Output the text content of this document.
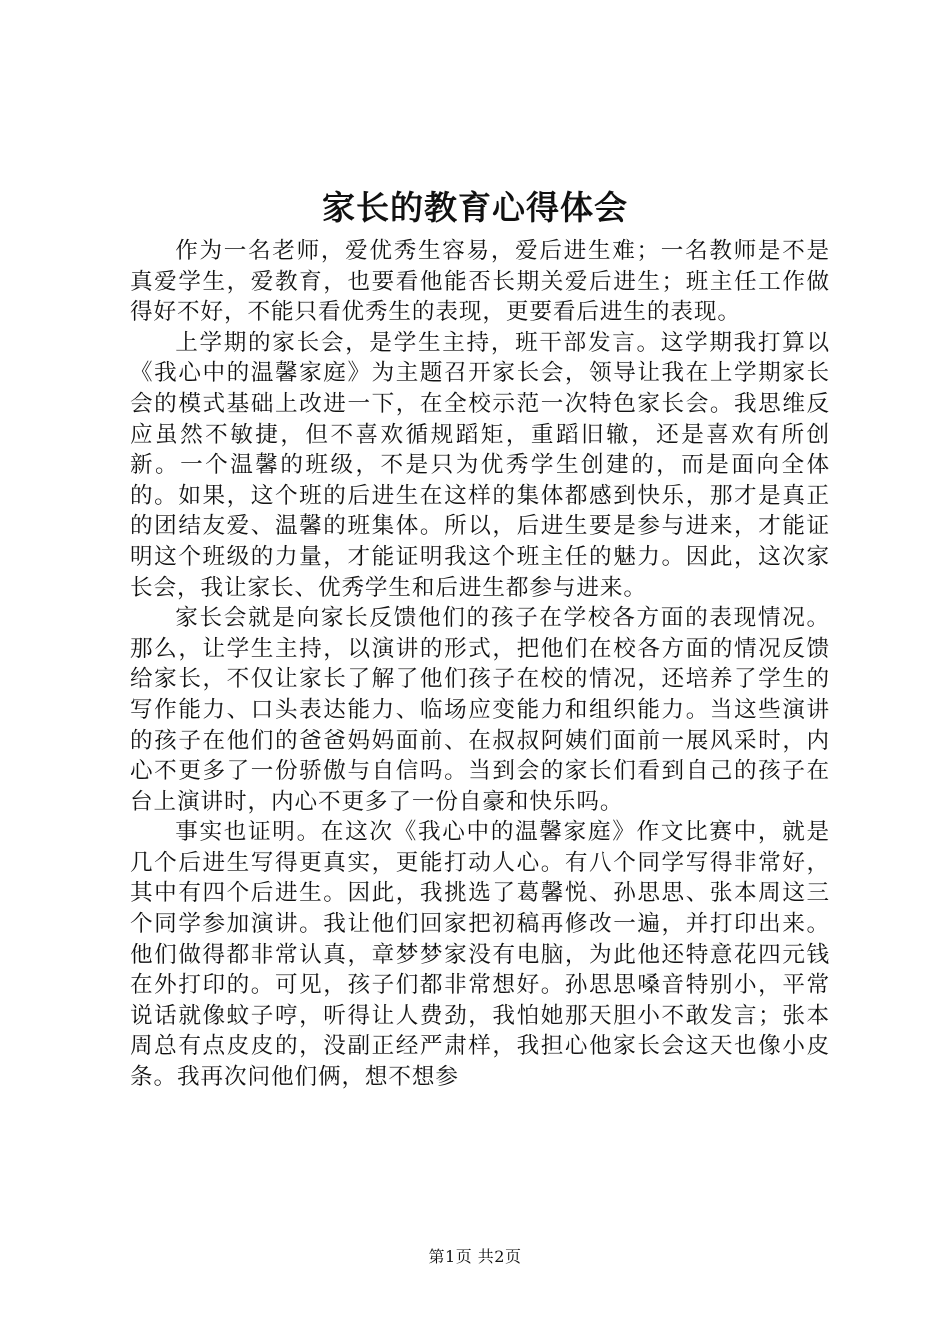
家长的教育心得体会

作为一名老师，爱优秀生容易，爱后进生难；一名教师是不是真爱学生，爱教育，也要看他能否长期关爱后进生；班主任工作做得好不好，不能只看优秀生的表现，更要看后进生的表现。

上学期的家长会，是学生主持，班干部发言。这学期我打算以《我心中的温馨家庭》为主题召开家长会，领导让我在上学期家长会的模式基础上改进一下，在全校示范一次特色家长会。我思维反应虽然不敏捷，但不喜欢循规蹈矩，重蹈旧辙，还是喜欢有所创新。一个温馨的班级，不是只为优秀学生创建的，而是面向全体的。如果，这个班的后进生在这样的集体都感到快乐，那才是真正的团结友爱、温馨的班集体。所以，后进生要是参与进来，才能证明这个班级的力量，才能证明我这个班主任的魅力。因此，这次家长会，我让家长、优秀学生和后进生都参与进来。

家长会就是向家长反馈他们的孩子在学校各方面的表现情况。那么，让学生主持，以演讲的形式，把他们在校各方面的情况反馈给家长，不仅让家长了解了他们孩子在校的情况，还培养了学生的写作能力、口头表达能力、临场应变能力和组织能力。当这些演讲的孩子在他们的爸爸妈妈面前、在叔叔阿姨们面前一展风采时，内心不更多了一份骄傲与自信吗。当到会的家长们看到自己的孩子在台上演讲时，内心不更多了一份自豪和快乐吗。

事实也证明。在这次《我心中的温馨家庭》作文比赛中，就是几个后进生写得更真实，更能打动人心。有八个同学写得非常好，其中有四个后进生。因此，我挑选了葛馨悦、孙思思、张本周这三个同学参加演讲。我让他们回家把初稿再修改一遍，并打印出来。他们做得都非常认真，章梦梦家没有电脑，为此他还特意花四元钱在外打印的。可见，孩子们都非常想好。孙思思嗓音特别小，平常说话就像蚊子哼，听得让人费劲，我怕她那天胆小不敢发言；张本周总有点皮皮的，没副正经严肃样，我担心他家长会这天也像小皮条。我再次问他们俩，想不想参

第1页 共2页
